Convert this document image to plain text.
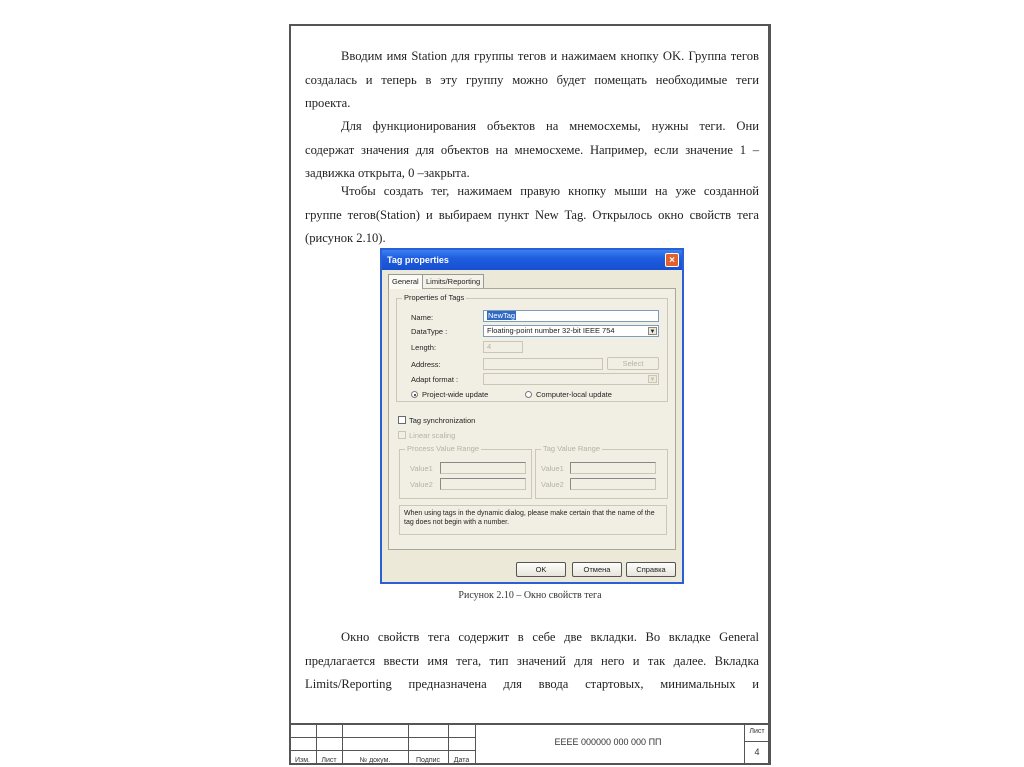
Вводим имя Station для группы тегов и нажимаем кнопку OK. Группа тегов

создалась и теперь в эту группу можно будет помещать необходимые теги

проекта.

Для функционирования объектов на мнемосхемы, нужны теги. Они

содержат значения для объектов на мнемосхеме. Например, если значение 1 –

задвижка открыта, 0 –закрыта.

Чтобы создать тег, нажимаем правую кнопку мыши на уже созданной

группе тегов(Station) и выбираем пункт New Tag. Открылось окно свойств тега

(рисунок 2.10).

Tag properties	×
General Limits/Reporting
Properties of Tags
Name:	NewTag
DataType :	Floating-point number 32-bit IEEE 754	▼
Length:	4
Address:	Select
Adapt format :	▼
Project-wide update	Computer-local update
Tag synchronization
Linear scaling
Process Value Range
Value1
Value2
Tag Value Range
Value1
Value2
When using tags in the dynamic dialog, please make certain that the name of the tag does not begin with a number.
OK	Отмена	Справка
Рисунок 2.10 – Окно свойств тега

Окно свойств тега содержит в себе две вкладки. Во вкладке General

предлагается ввести имя тега, тип значений для него и так далее. Вкладка

Limits/Reporting предназначена для ввода стартовых, минимальных и

Изм.	Лист	№ докум.	Подпис	Дата
ЕЕЕЕ 000000 000 000 ПП
Лист
4
